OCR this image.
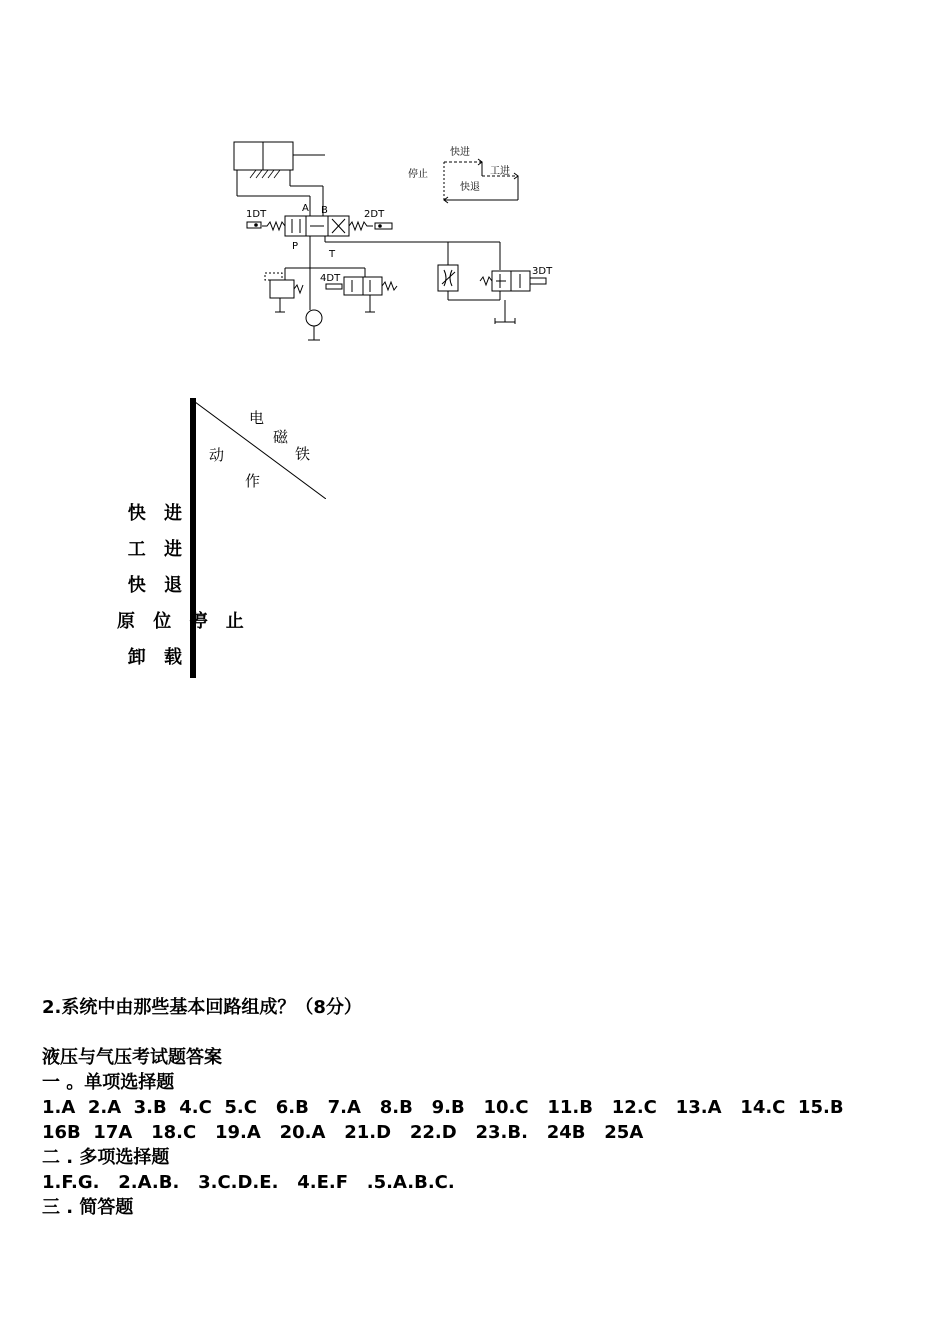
A B
P
T
1DT	2DT
3DT
4DT
快进
工进
快退
停止
快 进
工 进
快 退
原 位 停 止
卸 载
电
磁
铁
动
作		

2.系统中由那些基本回路组成？（8分）
液压与气压考试题答案
一 。单项选择题
1.A  2.A  3.B  4.C  5.C   6.B   7.A   8.B   9.B   10.C   11.B   12.C   13.A   14.C  15.B
16B  17A   18.C   19.A   20.A   21.D   22.D   23.B.   24B   25A
二 . 多项选择题
1.F.G.   2.A.B.   3.C.D.E.   4.E.F   .5.A.B.C.
三 . 简答题
